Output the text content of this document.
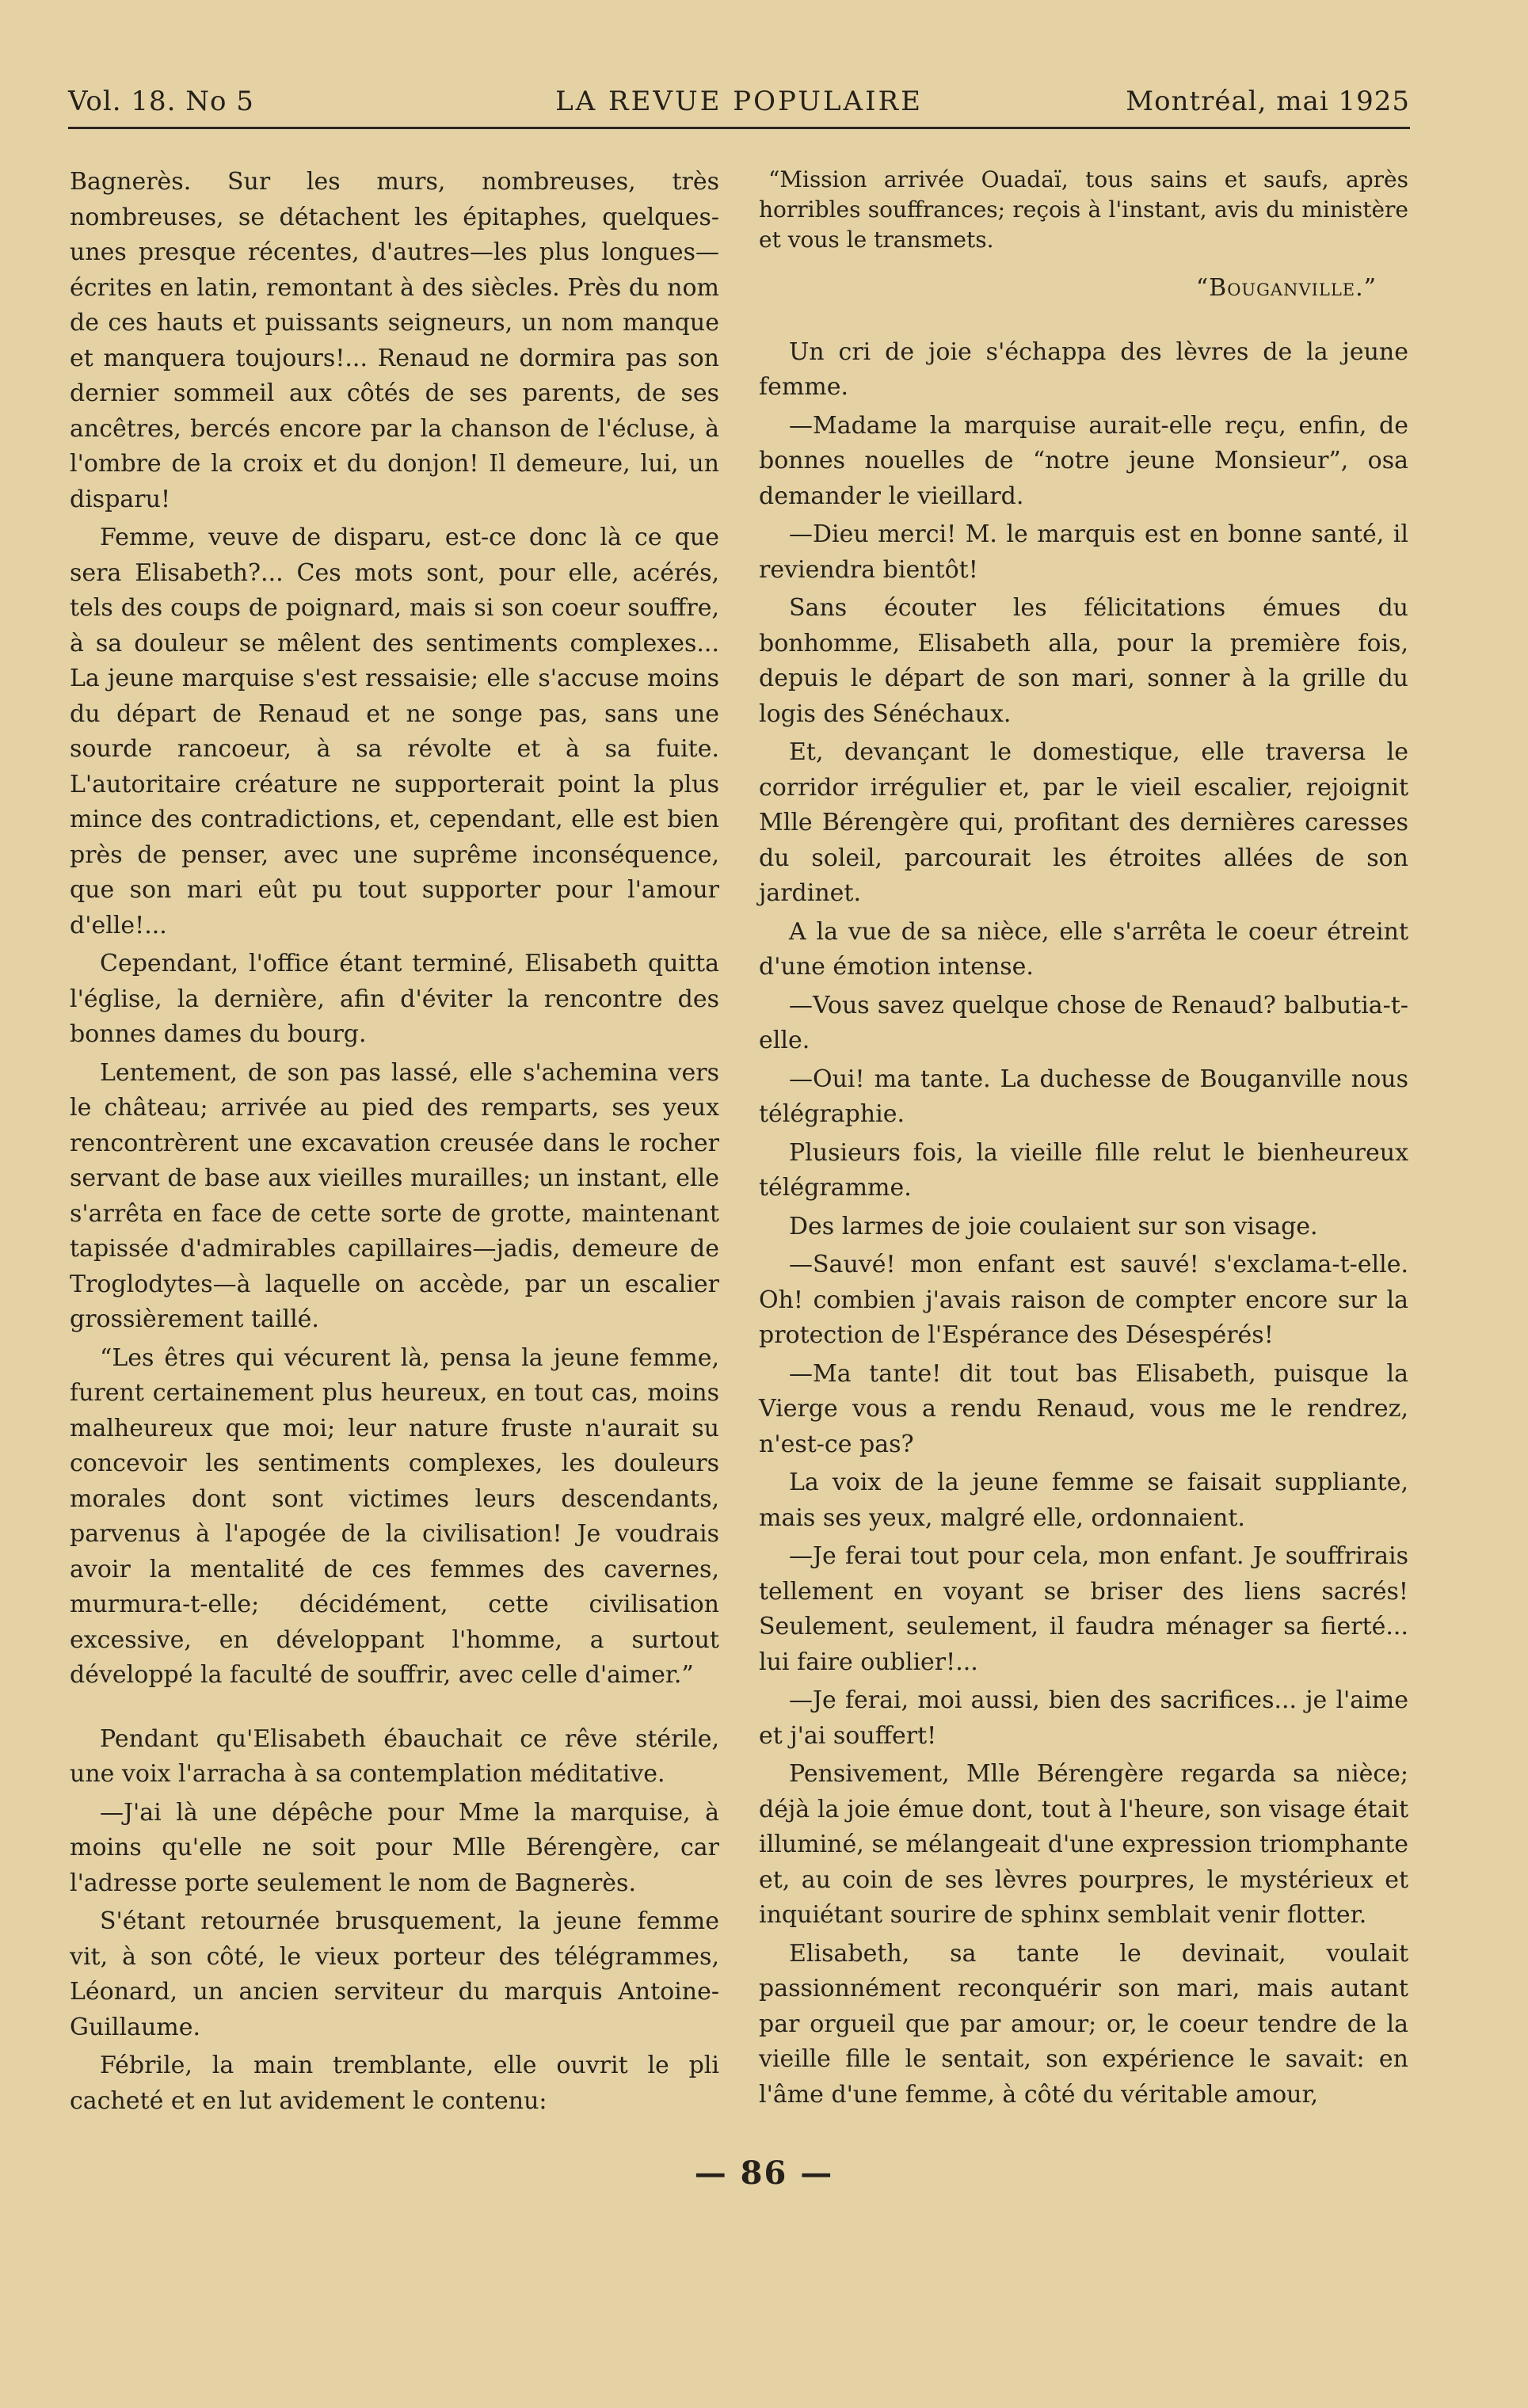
Vol. 18. No 5	LA REVUE POPULAIRE	Montréal, mai 1925

Bagnerès. Sur les murs, nombreuses, très nombreuses, se détachent les épitaphes, quelques-unes presque récentes, d'autres—les plus longues—écrites en latin, remontant à des siècles. Près du nom de ces hauts et puissants seigneurs, un nom manque et manquera toujours!... Renaud ne dormira pas son dernier sommeil aux côtés de ses parents, de ses ancêtres, bercés encore par la chanson de l'écluse, à l'ombre de la croix et du donjon! Il demeure, lui, un disparu!

Femme, veuve de disparu, est-ce donc là ce que sera Elisabeth?... Ces mots sont, pour elle, acérés, tels des coups de poignard, mais si son coeur souffre, à sa douleur se mêlent des sentiments complexes... La jeune marquise s'est ressaisie; elle s'accuse moins du départ de Renaud et ne songe pas, sans une sourde rancoeur, à sa révolte et à sa fuite. L'autoritaire créature ne supporterait point la plus mince des contradictions, et, cependant, elle est bien près de penser, avec une suprême inconséquence, que son mari eût pu tout supporter pour l'amour d'elle!...

Cependant, l'office étant terminé, Elisabeth quitta l'église, la dernière, afin d'éviter la rencontre des bonnes dames du bourg.

Lentement, de son pas lassé, elle s'achemina vers le château; arrivée au pied des remparts, ses yeux rencontrèrent une excavation creusée dans le rocher servant de base aux vieilles murailles; un instant, elle s'arrêta en face de cette sorte de grotte, maintenant tapissée d'admirables capillaires—jadis, demeure de Troglodytes—à laquelle on accède, par un escalier grossièrement taillé.

“Les êtres qui vécurent là, pensa la jeune femme, furent certainement plus heureux, en tout cas, moins malheureux que moi; leur nature fruste n'aurait su concevoir les sentiments complexes, les douleurs morales dont sont victimes leurs descendants, parvenus à l'apogée de la civilisation! Je voudrais avoir la mentalité de ces femmes des cavernes, murmura-t-elle; décidément, cette civilisation excessive, en développant l'homme, a surtout développé la faculté de souffrir, avec celle d'aimer.”

Pendant qu'Elisabeth ébauchait ce rêve stérile, une voix l'arracha à sa contemplation méditative.

—J'ai là une dépêche pour Mme la marquise, à moins qu'elle ne soit pour Mlle Bérengère, car l'adresse porte seulement le nom de Bagnerès.

S'étant retournée brusquement, la jeune femme vit, à son côté, le vieux porteur des télégrammes, Léonard, un ancien serviteur du marquis Antoine-Guillaume.

Fébrile, la main tremblante, elle ouvrit le pli cacheté et en lut avidement le contenu:

“Mission arrivée Ouadaï, tous sains et saufs, après horribles souffrances; reçois à l'instant, avis du ministère et vous le transmets.

“Bouganville.”

Un cri de joie s'échappa des lèvres de la jeune femme.

—Madame la marquise aurait-elle reçu, enfin, de bonnes nouelles de “notre jeune Monsieur”, osa demander le vieillard.

—Dieu merci! M. le marquis est en bonne santé, il reviendra bientôt!

Sans écouter les félicitations émues du bonhomme, Elisabeth alla, pour la première fois, depuis le départ de son mari, sonner à la grille du logis des Sénéchaux.

Et, devançant le domestique, elle traversa le corridor irrégulier et, par le vieil escalier, rejoignit Mlle Bérengère qui, profitant des dernières caresses du soleil, parcourait les étroites allées de son jardinet.

A la vue de sa nièce, elle s'arrêta le coeur étreint d'une émotion intense.

—Vous savez quelque chose de Renaud? balbutia-t-elle.

—Oui! ma tante. La duchesse de Bouganville nous télégraphie.

Plusieurs fois, la vieille fille relut le bienheureux télégramme.

Des larmes de joie coulaient sur son visage.

—Sauvé! mon enfant est sauvé! s'exclama-t-elle. Oh! combien j'avais raison de compter encore sur la protection de l'Espérance des Désespérés!

—Ma tante! dit tout bas Elisabeth, puisque la Vierge vous a rendu Renaud, vous me le rendrez, n'est-ce pas?

La voix de la jeune femme se faisait suppliante, mais ses yeux, malgré elle, ordonnaient.

—Je ferai tout pour cela, mon enfant. Je souffrirais tellement en voyant se briser des liens sacrés! Seulement, seulement, il faudra ménager sa fierté... lui faire oublier!...

—Je ferai, moi aussi, bien des sacrifices... je l'aime et j'ai souffert!

Pensivement, Mlle Bérengère regarda sa nièce; déjà la joie émue dont, tout à l'heure, son visage était illuminé, se mélangeait d'une expression triomphante et, au coin de ses lèvres pourpres, le mystérieux et inquiétant sourire de sphinx semblait venir flotter.

Elisabeth, sa tante le devinait, voulait passionnément reconquérir son mari, mais autant par orgueil que par amour; or, le coeur tendre de la vieille fille le sentait, son expérience le savait: en l'âme d'une femme, à côté du véritable amour,

— 86 —
